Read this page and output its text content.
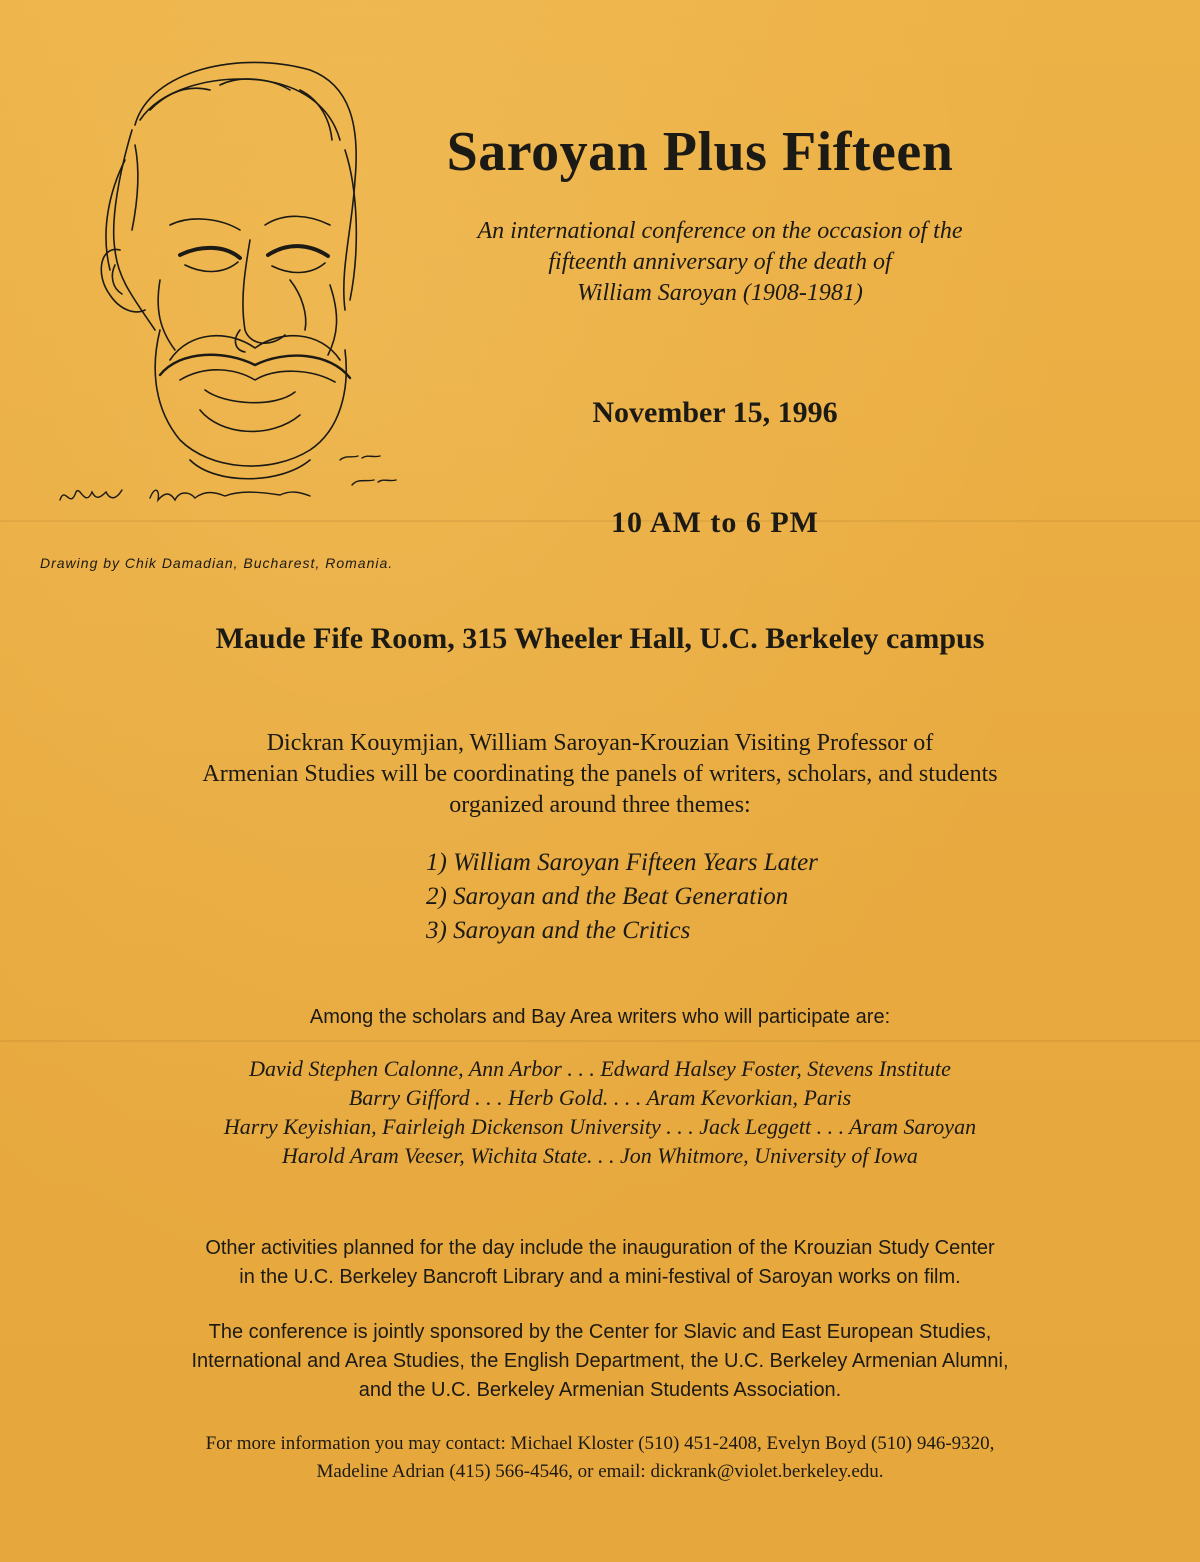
Saroyan Plus Fifteen
An international conference on the occasion of the
fifteenth anniversary of the death of
William Saroyan (1908-1981)
November 15, 1996
10 AM to 6 PM
Drawing by Chik Damadian, Bucharest, Romania.
Maude Fife Room, 315 Wheeler Hall, U.C. Berkeley campus
Dickran Kouymjian, William Saroyan-Krouzian Visiting Professor of
Armenian Studies will be coordinating the panels of writers, scholars, and students
organized around three themes:
1) William Saroyan Fifteen Years Later
2) Saroyan and the Beat Generation
3) Saroyan and the Critics
Among the scholars and Bay Area writers who will participate are:
David Stephen Calonne, Ann Arbor . . . Edward Halsey Foster, Stevens Institute
Barry Gifford . . . Herb Gold. . . . Aram Kevorkian, Paris
Harry Keyishian, Fairleigh Dickenson University . . . Jack Leggett . . . Aram Saroyan
Harold Aram Veeser, Wichita State. . . Jon Whitmore, University of Iowa
Other activities planned for the day include the inauguration of the Krouzian Study Center
in the U.C. Berkeley Bancroft Library and a mini-festival of Saroyan works on film.
The conference is jointly sponsored by the Center for Slavic and East European Studies,
International and Area Studies, the English Department, the U.C. Berkeley Armenian Alumni,
and the U.C. Berkeley Armenian Students Association.
For more information you may contact: Michael Kloster (510) 451-2408, Evelyn Boyd (510) 946-9320,
Madeline Adrian (415) 566-4546, or email: dickrank@violet.berkeley.edu.
